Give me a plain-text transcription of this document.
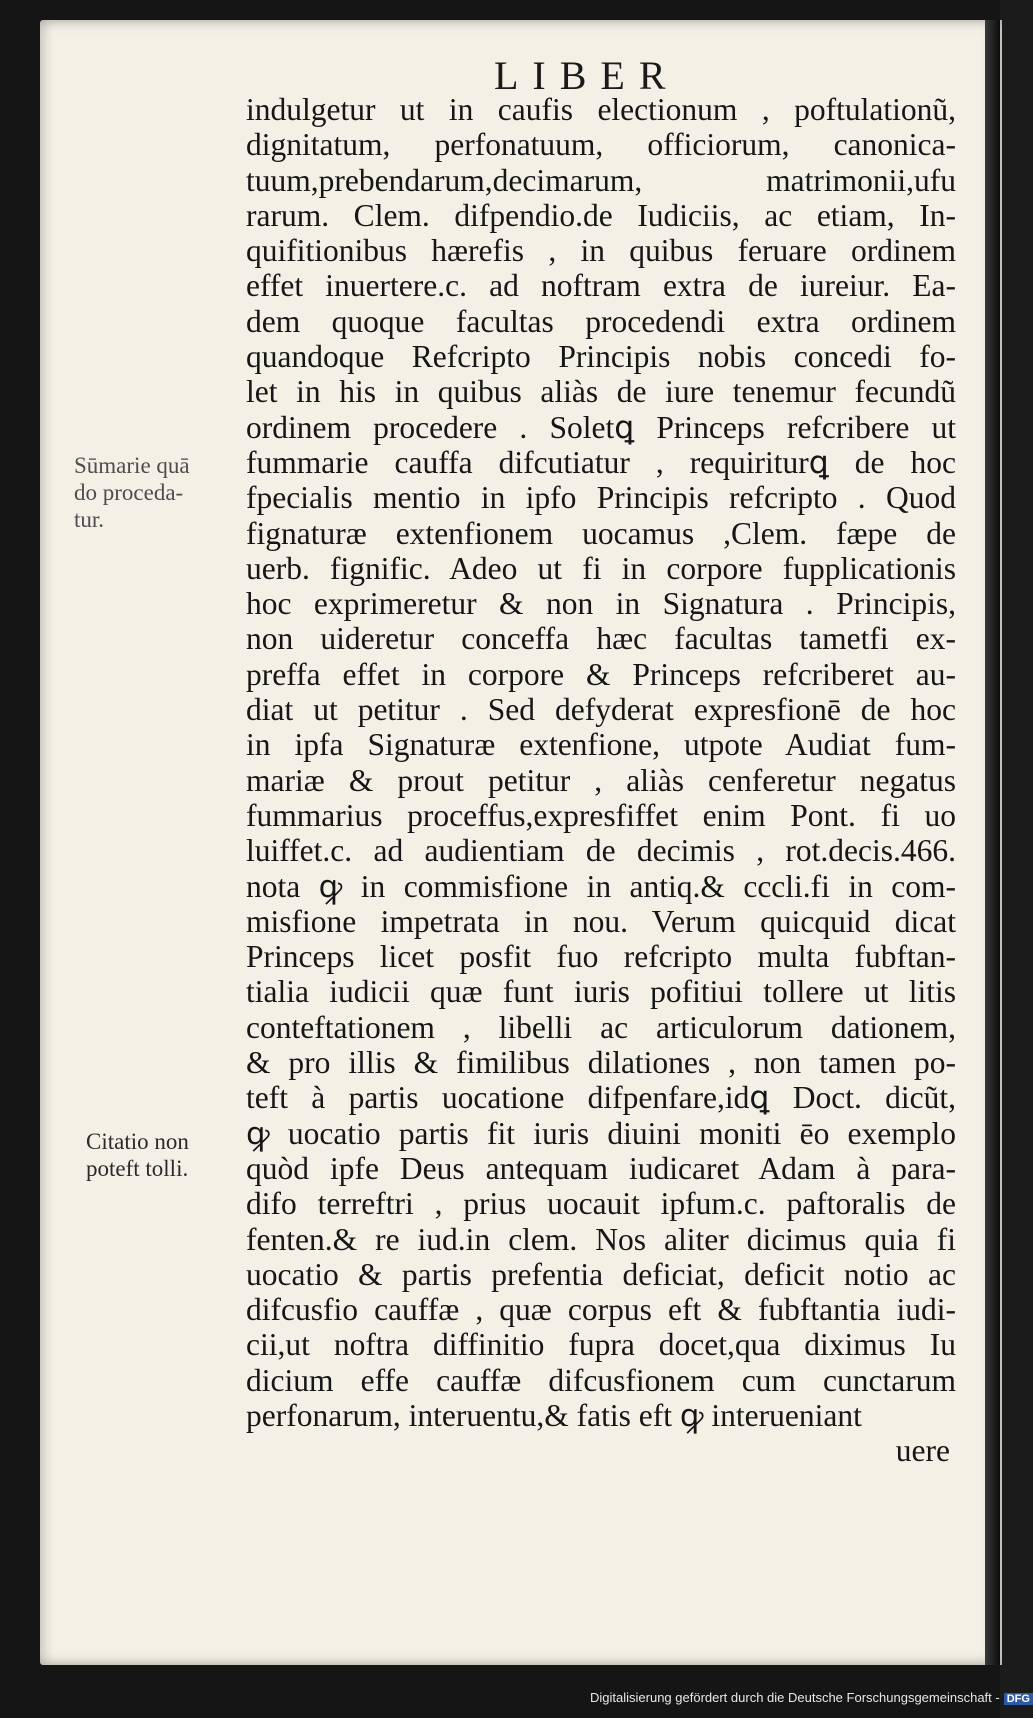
LIBER
Sūmarie quā
do proceda-
tur.
Citatio non
poteft tolli.
indulgetur ut in caufis electionum , poftulationũ,
dignitatum, perfonatuum, officiorum, canonica-
tuum,prebendarum,decimarum, matrimonii,ufu
rarum. Clem. difpendio.de Iudiciis, ac etiam, In-
quifitionibus hærefis , in quibus feruare ordinem
effet inuertere.c. ad noftram extra de iureiur. Ea-
dem quoque facultas procedendi extra ordinem
quandoque Refcripto Principis nobis concedi fo-
let in his in quibus aliàs de iure tenemur fecundũ
ordinem procedere . Soletꝗ Princeps refcribere ut
fummarie cauffa difcutiatur , requiriturꝗ de hoc
fpecialis mentio in ipfo Principis refcripto . Quod
fignaturæ extenfionem uocamus ,Clem. fæpe de
uerb. fignific. Adeo ut fi in corpore fupplicationis
hoc exprimeretur & non in Signatura . Principis,
non uideretur conceffa hæc facultas tametfi ex-
preffa effet in corpore & Princeps refcriberet au-
diat ut petitur . Sed defyderat expresfionē de hoc
in ipfa Signaturæ extenfione, utpote Audiat fum-
mariæ & prout petitur , aliàs cenferetur negatus
fummarius proceffus,expresfiffet enim Pont. fi uo
luiffet.c. ad audientiam de decimis , rot.decis.466.
nota ꝙ in commisfione in antiq.& cccli.fi in com-
misfione impetrata in nou. Verum quicquid dicat
Princeps licet posfit fuo refcripto multa fubftan-
tialia iudicii quæ funt iuris pofitiui tollere ut litis
conteftationem , libelli ac articulorum dationem,
& pro illis & fimilibus dilationes , non tamen po-
teft à partis uocatione difpenfare,idꝗ Doct. dicũt,
ꝙ uocatio partis fit iuris diuini moniti ēo exemplo
quòd ipfe Deus antequam iudicaret Adam à para-
difo terreftri , prius uocauit ipfum.c. paftoralis de
fenten.& re iud.in clem. Nos aliter dicimus quia fi
uocatio & partis prefentia deficiat, deficit notio ac
difcusfio cauffæ , quæ corpus eft & fubftantia iudi-
cii,ut noftra diffinitio fupra docet,qua diximus Iu
dicium effe cauffæ difcusfionem cum cunctarum
perfonarum, interuentu,& fatis eft ꝙ interueniant
uere
Digitalisierung gefördert durch die Deutsche Forschungsgemeinschaft - DFG
